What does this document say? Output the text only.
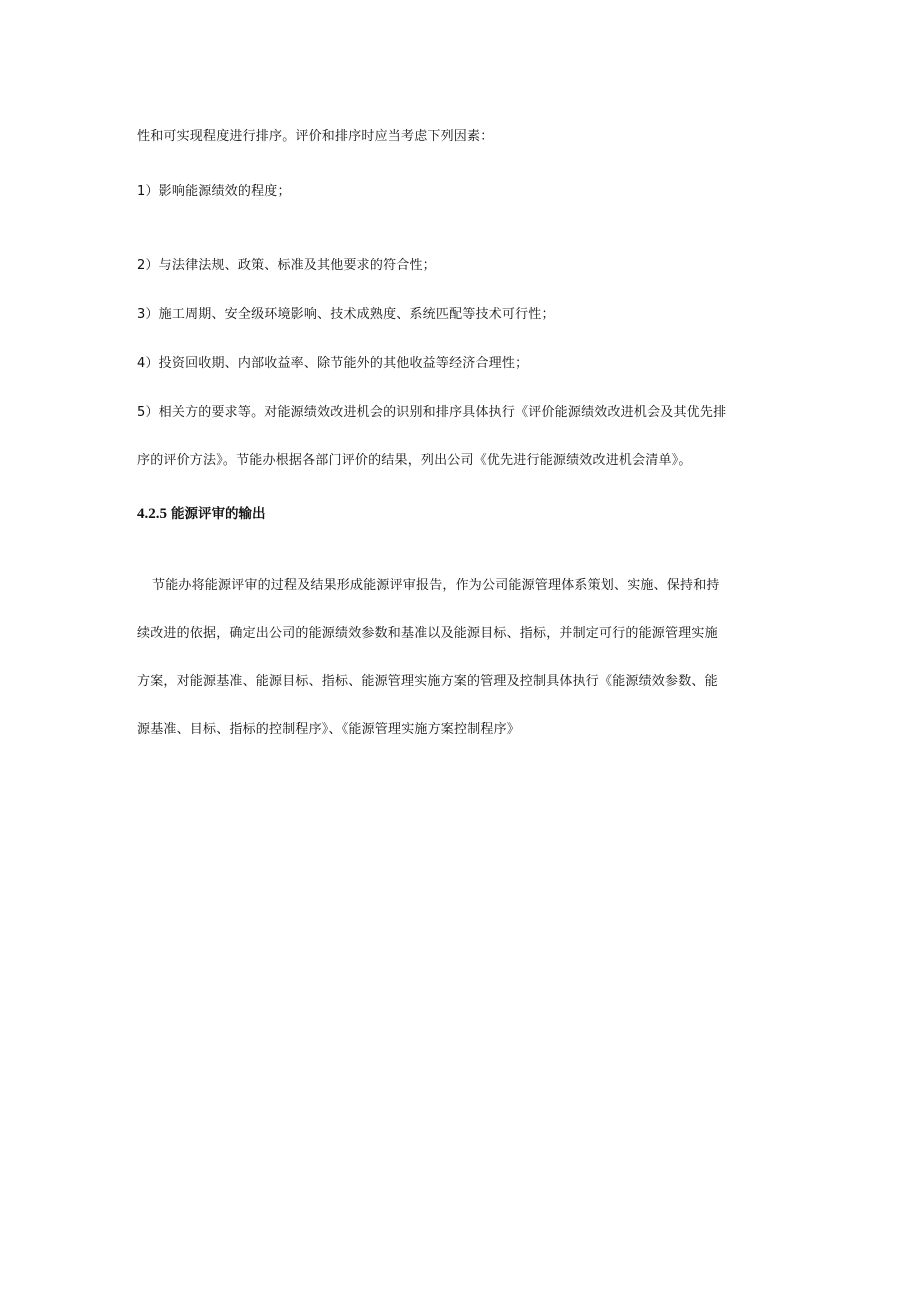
性和可实现程度进行排序。评价和排序时应当考虑下列因素：
1）影响能源绩效的程度；
2）与法律法规、政策、标准及其他要求的符合性；
3）施工周期、安全级环境影响、技术成熟度、系统匹配等技术可行性；
4）投资回收期、内部收益率、除节能外的其他收益等经济合理性；
5）相关方的要求等。对能源绩效改进机会的识别和排序具体执行《评价能源绩效改进机会及其优先排
序的评价方法》。节能办根据各部门评价的结果，列出公司《优先进行能源绩效改进机会清单》。
4.2.5 能源评审的输出
节能办将能源评审的过程及结果形成能源评审报告，作为公司能源管理体系策划、实施、保持和持
续改进的依据，确定出公司的能源绩效参数和基准以及能源目标、指标，并制定可行的能源管理实施
方案，对能源基准、能源目标、指标、能源管理实施方案的管理及控制具体执行《能源绩效参数、能
源基准、目标、指标的控制程序》、《能源管理实施方案控制程序》
